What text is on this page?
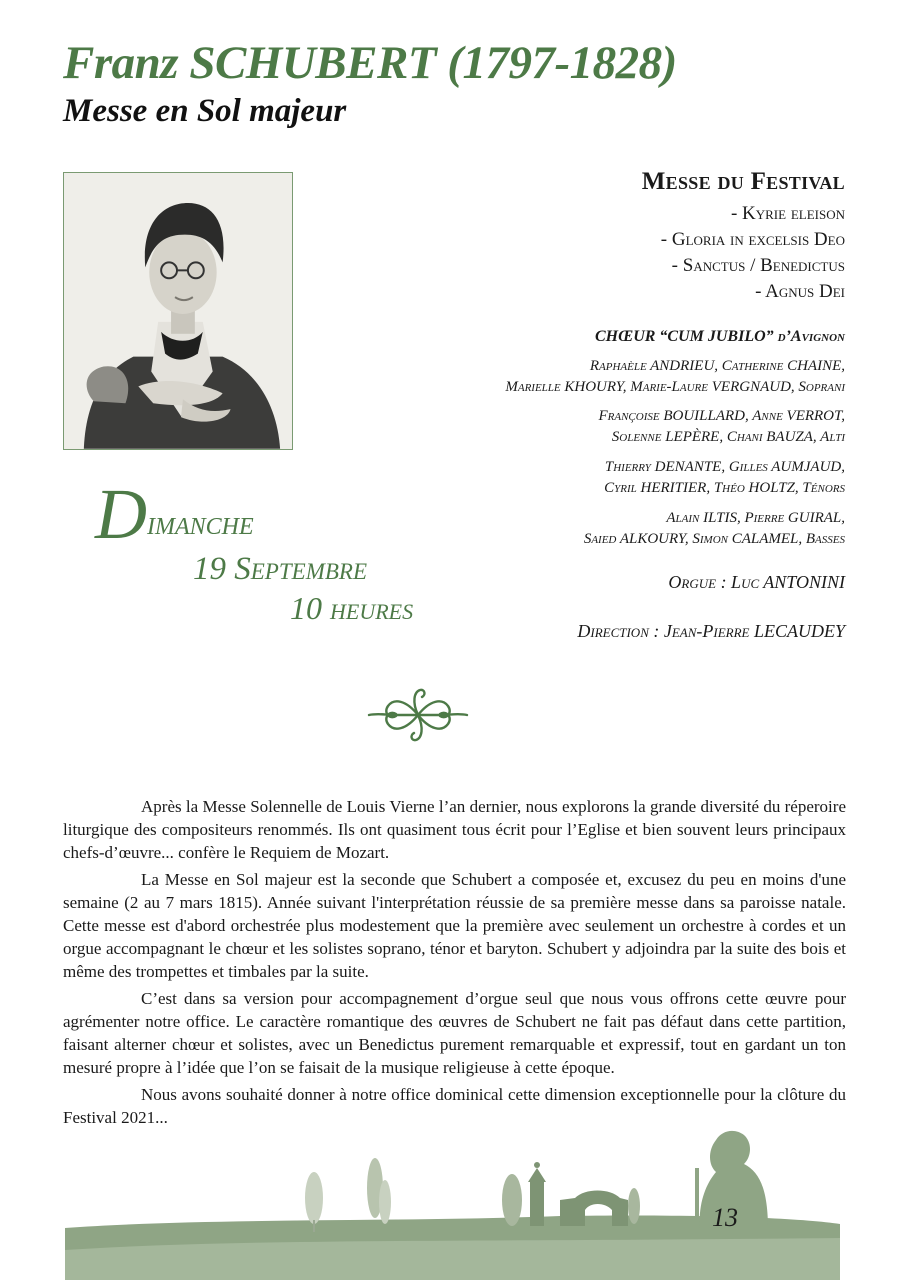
Franz SCHUBERT (1797-1828)
Messe en Sol majeur
Messe du Festival
- Kyrie eleison
- Gloria in excelsis Deo
- Sanctus / Benedictus
- Agnus Dei
CHŒUR “CUM JUBILO” d’Avignon
Raphaèle ANDRIEU, Catherine CHAINE,
Marielle KHOURY, Marie-Laure VERGNAUD, Soprani
Françoise BOUILLARD, Anne VERROT,
Solenne LEPÈRE, Chani BAUZA, Alti
Thierry DENANTE, Gilles AUMJAUD,
Cyril HERITIER, Théo HOLTZ, Ténors
Alain ILTIS, Pierre GUIRAL,
Saied ALKOURY, Simon CALAMEL, Basses
Orgue : Luc ANTONINI
Direction : Jean-Pierre LECAUDEY
Dimanche
19 Septembre
10 heures

Après la Messe Solennelle de Louis Vierne l’an dernier, nous explorons la grande diversité du réperoire liturgique des compositeurs renommés. Ils ont quasiment tous écrit pour l’Eglise et bien souvent leurs principaux chefs-d’œuvre... confère le Requiem de Mozart.

La Messe en Sol majeur est la seconde que Schubert a composée et, excusez du peu en moins d'une semaine (2 au 7 mars 1815). Année suivant l'interprétation réussie de sa première messe dans sa paroisse natale. Cette messe est d'abord orchestrée plus modestement que la première avec seulement un orchestre à cordes et un orgue accompagnant le chœur et les solistes soprano, ténor et baryton. Schubert y adjoindra par la suite des bois et même des trompettes et timbales par la suite.

C’est dans sa version pour accompagnement d’orgue seul que nous vous offrons cette œuvre pour agrémenter notre office. Le caractère romantique des œuvres de Schubert ne fait pas défaut dans cette partition, faisant alterner chœur et solistes, avec un Benedictus purement remarquable et expressif, tout en gardant un ton mesuré propre à l’idée que l’on se faisait de la musique religieuse à cette époque.

Nous avons souhaité donner à notre office dominical cette dimension exceptionnelle pour la clôture du Festival 2021...

13
